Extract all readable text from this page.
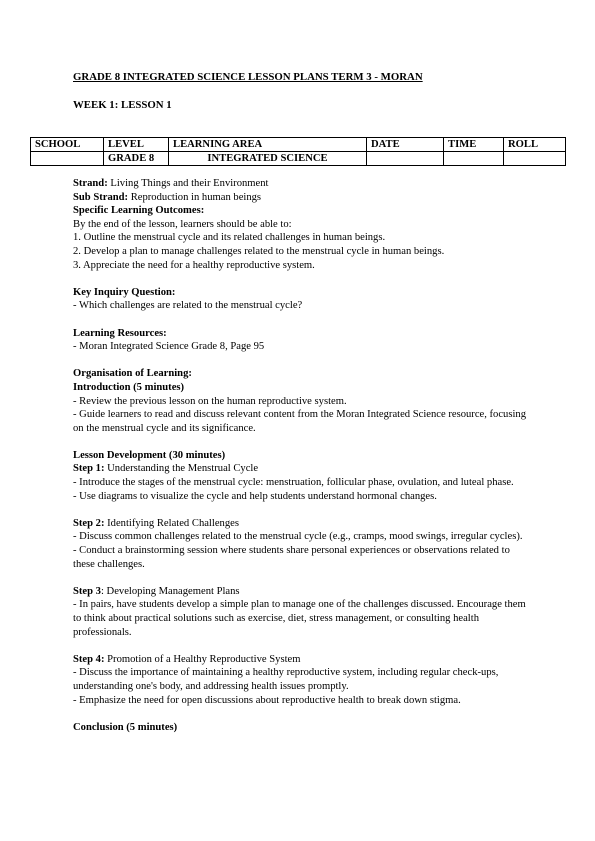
GRADE 8 INTEGRATED SCIENCE LESSON PLANS TERM 3 - MORAN
WEEK 1: LESSON 1
SCHOOL	LEVEL	LEARNING AREA	DATE	TIME	ROLL
	GRADE 8	INTEGRATED SCIENCE			

Strand: Living Things and their Environment

Sub Strand: Reproduction in human beings

Specific Learning Outcomes:

By the end of the lesson, learners should be able to:

1. Outline the menstrual cycle and its related challenges in human beings.

2. Develop a plan to manage challenges related to the menstrual cycle in human beings.

3. Appreciate the need for a healthy reproductive system.

Key Inquiry Question:

- Which challenges are related to the menstrual cycle?

Learning Resources:

- Moran Integrated Science Grade 8, Page 95

Organisation of Learning:

Introduction (5 minutes)

- Review the previous lesson on the human reproductive system.

- Guide learners to read and discuss relevant content from the Moran Integrated Science resource, focusing on the menstrual cycle and its significance.

Lesson Development (30 minutes)

Step 1: Understanding the Menstrual Cycle

- Introduce the stages of the menstrual cycle: menstruation, follicular phase, ovulation, and luteal phase.

- Use diagrams to visualize the cycle and help students understand hormonal changes.

Step 2: Identifying Related Challenges

- Discuss common challenges related to the menstrual cycle (e.g., cramps, mood swings, irregular cycles).

- Conduct a brainstorming session where students share personal experiences or observations related to these challenges.

Step 3: Developing Management Plans

- In pairs, have students develop a simple plan to manage one of the challenges discussed. Encourage them to think about practical solutions such as exercise, diet, stress management, or consulting health professionals.

Step 4: Promotion of a Healthy Reproductive System

- Discuss the importance of maintaining a healthy reproductive system, including regular check-ups, understanding one's body, and addressing health issues promptly.

- Emphasize the need for open discussions about reproductive health to break down stigma.

Conclusion (5 minutes)
